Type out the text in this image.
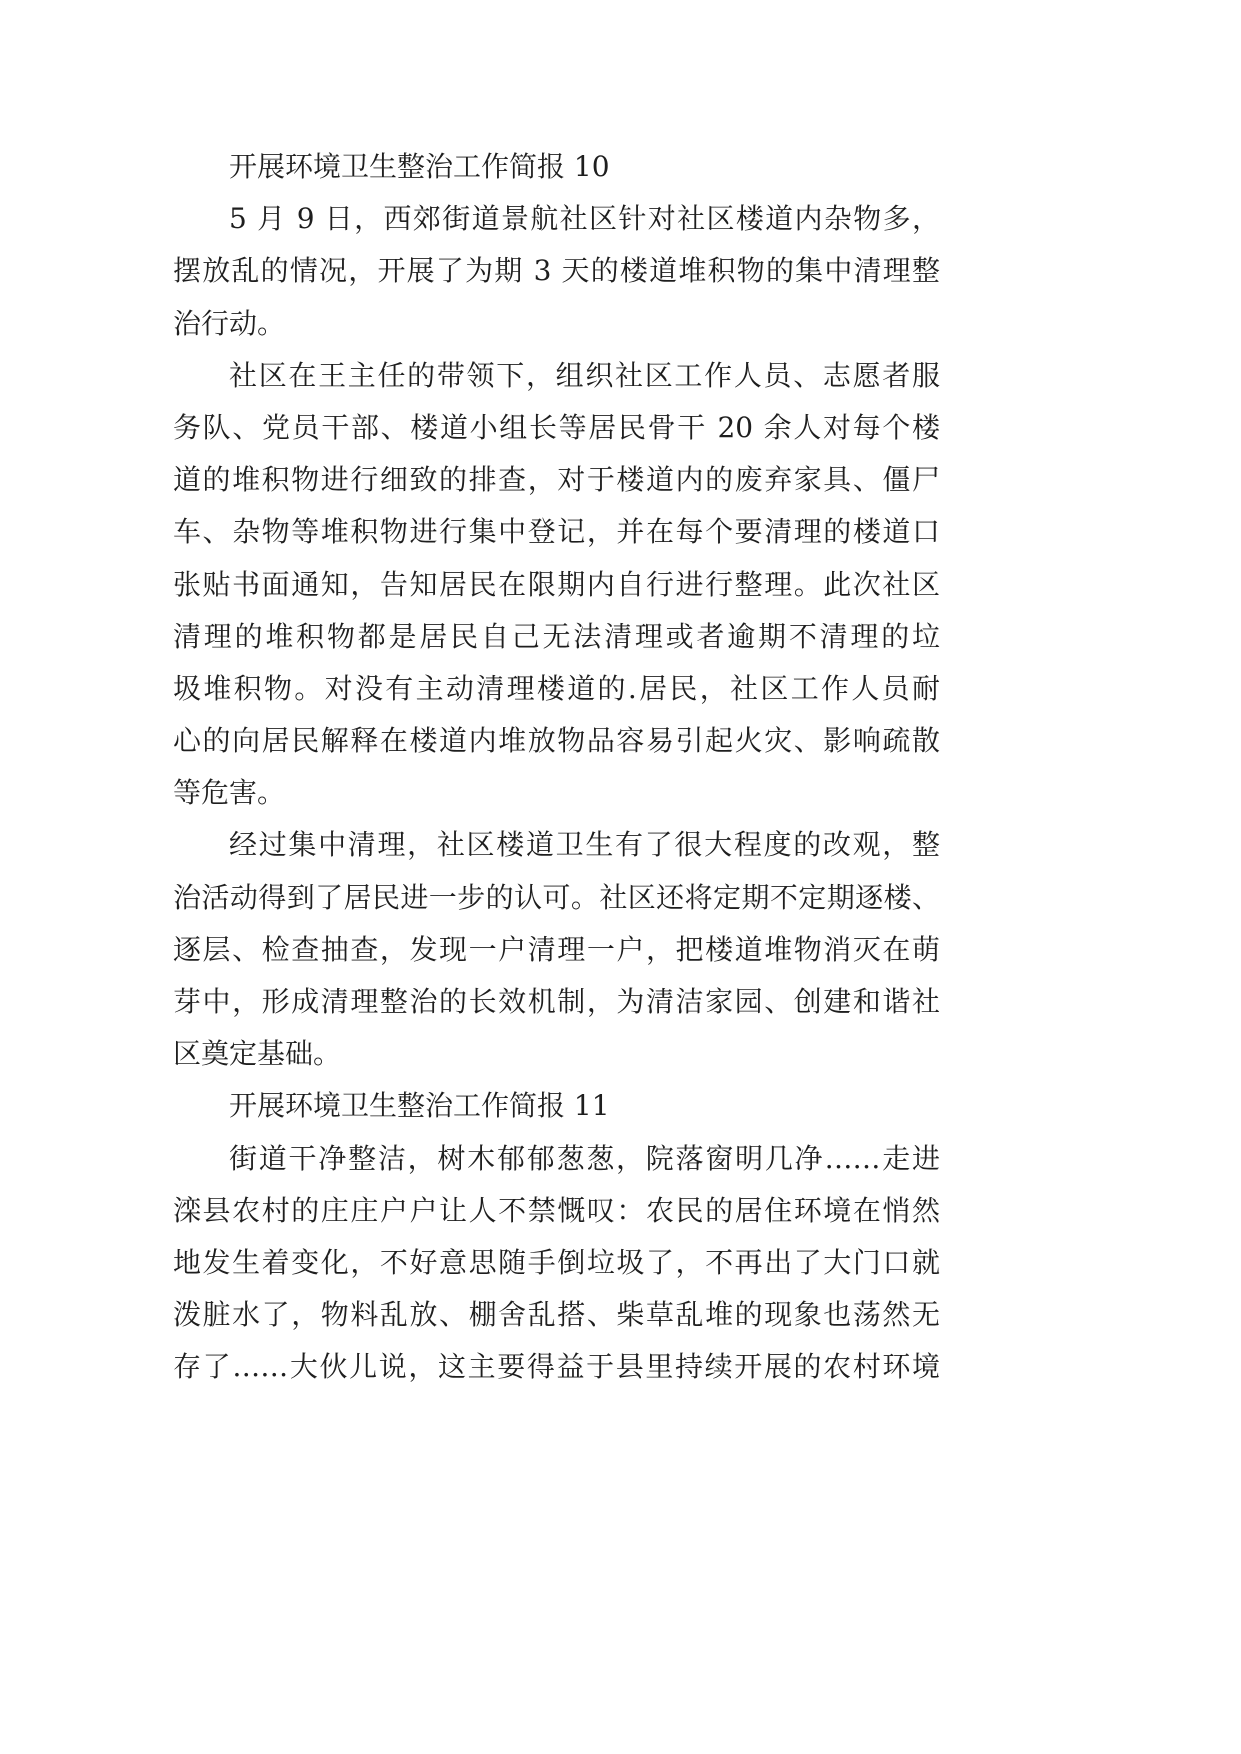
开展环境卫生整治工作简报 10
5 月 9 日，西郊街道景航社区针对社区楼道内杂物多，
摆放乱的情况，开展了为期 3 天的楼道堆积物的集中清理整
治行动。
社区在王主任的带领下，组织社区工作人员、志愿者服
务队、党员干部、楼道小组长等居民骨干 20 余人对每个楼
道的堆积物进行细致的排查，对于楼道内的废弃家具、僵尸
车、杂物等堆积物进行集中登记，并在每个要清理的楼道口
张贴书面通知，告知居民在限期内自行进行整理。此次社区
清理的堆积物都是居民自己无法清理或者逾期不清理的垃
圾堆积物。对没有主动清理楼道的.居民，社区工作人员耐
心的向居民解释在楼道内堆放物品容易引起火灾、影响疏散
等危害。
经过集中清理，社区楼道卫生有了很大程度的改观，整
治活动得到了居民进一步的认可。社区还将定期不定期逐楼、
逐层、检查抽查，发现一户清理一户，把楼道堆物消灭在萌
芽中，形成清理整治的长效机制，为清洁家园、创建和谐社
区奠定基础。
开展环境卫生整治工作简报 11
街道干净整洁，树木郁郁葱葱，院落窗明几净……走进
滦县农村的庄庄户户让人不禁慨叹：农民的居住环境在悄然
地发生着变化，不好意思随手倒垃圾了，不再出了大门口就
泼脏水了，物料乱放、棚舍乱搭、柴草乱堆的现象也荡然无
存了……大伙儿说，这主要得益于县里持续开展的农村环境
